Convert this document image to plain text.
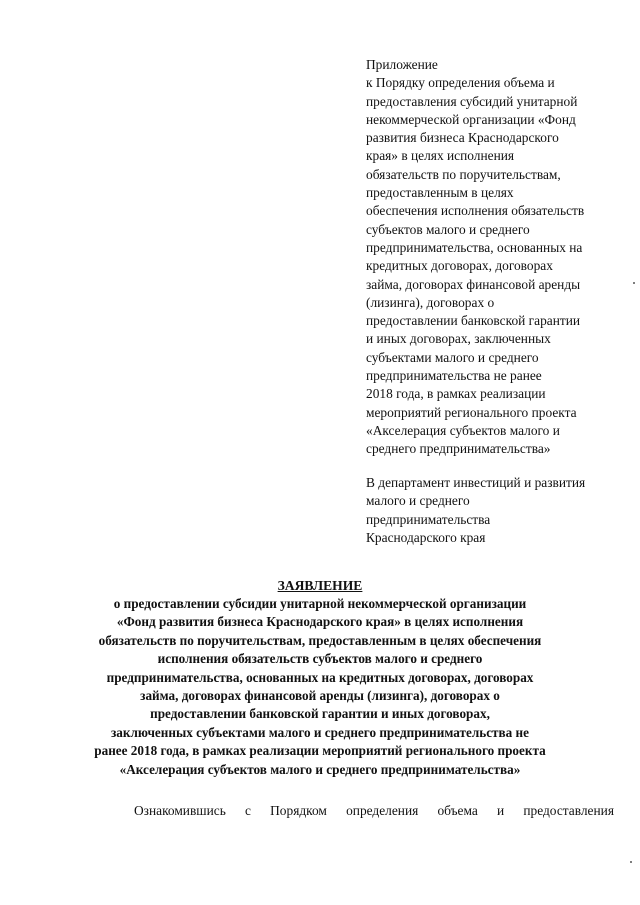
Приложение
к Порядку определения объема и
предоставления субсидий унитарной
некоммерческой организации «Фонд
развития бизнеса Краснодарского
края» в целях исполнения
обязательств по поручительствам,
предоставленным в целях
обеспечения исполнения обязательств
субъектов малого и среднего
предпринимательства, основанных на
кредитных договорах, договорах
займа, договорах финансовой аренды
(лизинга), договорах о
предоставлении банковской гарантии
и иных договорах, заключенных
субъектами малого и среднего
предпринимательства не ранее
2018 года, в рамках реализации
мероприятий регионального проекта
«Акселерация субъектов малого и
среднего предпринимательства»
В департамент инвестиций и развития
малого и среднего
предпринимательства
Краснодарского края
ЗАЯВЛЕНИЕ
о предоставлении субсидии унитарной некоммерческой организации
«Фонд развития бизнеса Краснодарского края» в целях исполнения
обязательств по поручительствам, предоставленным в целях обеспечения
исполнения обязательств субъектов малого и среднего
предпринимательства, основанных на кредитных договорах, договорах
займа, договорах финансовой аренды (лизинга), договорах о
предоставлении банковской гарантии и иных договорах,
заключенных субъектами малого и среднего предпринимательства не
ранее 2018 года, в рамках реализации мероприятий регионального проекта
«Акселерация субъектов малого и среднего предпринимательства»
Ознакомившись с Порядком определения объема и предоставления
